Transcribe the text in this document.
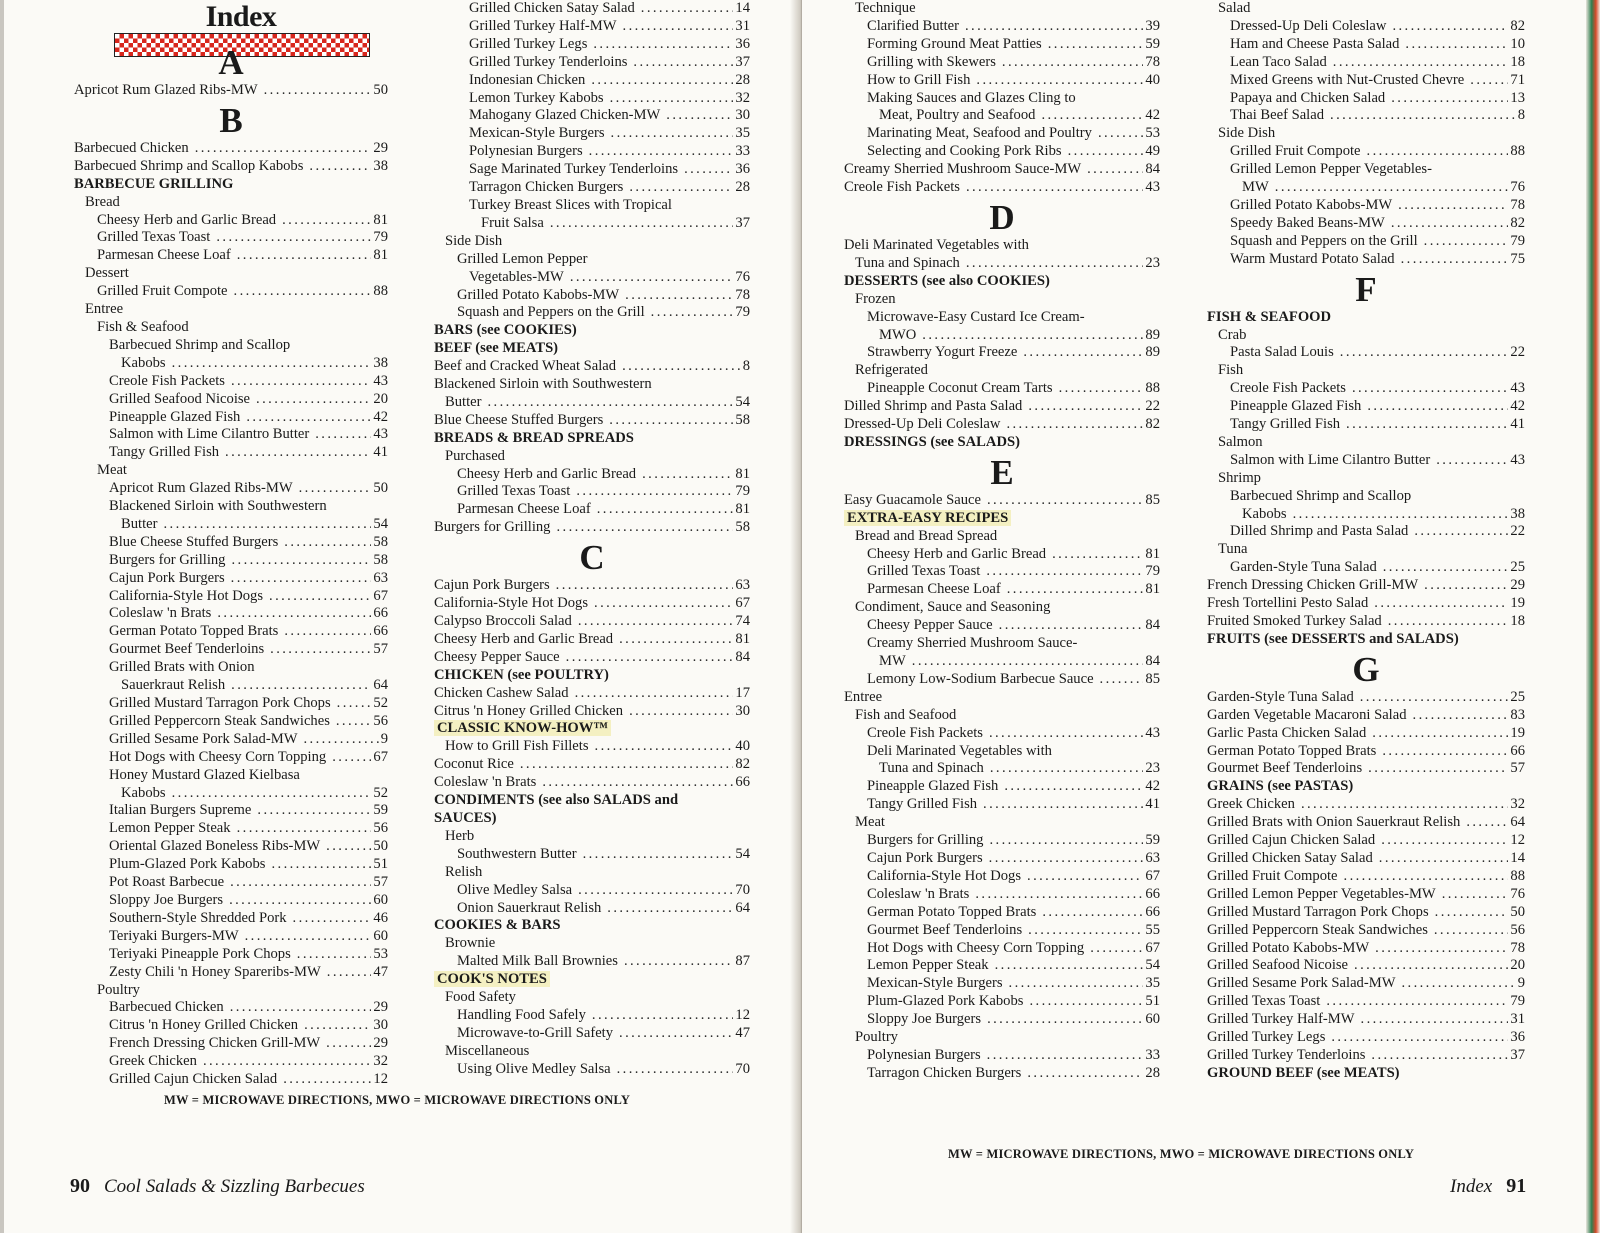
Index
A
Apricot Rum Glazed Ribs-MW .....	50
B
Barbecued Chicken .....	29
Barbecued Shrimp and Scallop Kabobs .....	38
BARBECUE GRILLING
Bread
Cheesy Herb and Garlic Bread .....	81
Grilled Texas Toast .....	79
Parmesan Cheese Loaf .....	81
Dessert
Grilled Fruit Compote .....	88
Entree
Fish & Seafood
Barbecued Shrimp and Scallop
Kabobs .....	38
Creole Fish Packets .....	43
Grilled Seafood Nicoise .....	20
Pineapple Glazed Fish .....	42
Salmon with Lime Cilantro Butter .....	43
Tangy Grilled Fish .....	41
Meat
Apricot Rum Glazed Ribs-MW .....	50
Blackened Sirloin with Southwestern
Butter .....	54
Blue Cheese Stuffed Burgers .....	58
Burgers for Grilling .....	58
Cajun Pork Burgers .....	63
California-Style Hot Dogs .....	67
Coleslaw 'n Brats .....	66
German Potato Topped Brats .....	66
Gourmet Beef Tenderloins .....	57
Grilled Brats with Onion
Sauerkraut Relish .....	64
Grilled Mustard Tarragon Pork Chops .....	52
Grilled Peppercorn Steak Sandwiches .....	56
Grilled Sesame Pork Salad-MW .....	9
Hot Dogs with Cheesy Corn Topping .....	67
Honey Mustard Glazed Kielbasa
Kabobs .....	52
Italian Burgers Supreme .....	59
Lemon Pepper Steak .....	56
Oriental Glazed Boneless Ribs-MW .....	50
Plum-Glazed Pork Kabobs .....	51
Pot Roast Barbecue .....	57
Sloppy Joe Burgers .....	60
Southern-Style Shredded Pork .....	46
Teriyaki Burgers-MW .....	60
Teriyaki Pineapple Pork Chops .....	53
Zesty Chili 'n Honey Spareribs-MW .....	47
Poultry
Barbecued Chicken .....	29
Citrus 'n Honey Grilled Chicken .....	30
French Dressing Chicken Grill-MW .....	29
Greek Chicken .....	32
Grilled Cajun Chicken Salad .....	12
Grilled Chicken Satay Salad .....	14
Grilled Turkey Half-MW .....	31
Grilled Turkey Legs .....	36
Grilled Turkey Tenderloins .....	37
Indonesian Chicken .....	28
Lemon Turkey Kabobs .....	32
Mahogany Glazed Chicken-MW .....	30
Mexican-Style Burgers .....	35
Polynesian Burgers .....	33
Sage Marinated Turkey Tenderloins .....	36
Tarragon Chicken Burgers .....	28
Turkey Breast Slices with Tropical
Fruit Salsa .....	37
Side Dish
Grilled Lemon Pepper
Vegetables-MW .....	76
Grilled Potato Kabobs-MW .....	78
Squash and Peppers on the Grill .....	79
BARS (see COOKIES)
BEEF (see MEATS)
Beef and Cracked Wheat Salad .....	8
Blackened Sirloin with Southwestern
Butter .....	54
Blue Cheese Stuffed Burgers .....	58
BREADS & BREAD SPREADS
Purchased
Cheesy Herb and Garlic Bread .....	81
Grilled Texas Toast .....	79
Parmesan Cheese Loaf .....	81
Burgers for Grilling .....	58
C
Cajun Pork Burgers .....	63
California-Style Hot Dogs .....	67
Calypso Broccoli Salad .....	74
Cheesy Herb and Garlic Bread .....	81
Cheesy Pepper Sauce .....	84
CHICKEN (see POULTRY)
Chicken Cashew Salad .....	17
Citrus 'n Honey Grilled Chicken .....	30
CLASSIC KNOW-HOW™
How to Grill Fish Fillets .....	40
Coconut Rice .....	82
Coleslaw 'n Brats .....	66
CONDIMENTS (see also SALADS and
SAUCES)
Herb
Southwestern Butter .....	54
Relish
Olive Medley Salsa .....	70
Onion Sauerkraut Relish .....	64
COOKIES & BARS
Brownie
Malted Milk Ball Brownies .....	87
COOK'S NOTES
Food Safety
Handling Food Safely .....	12
Microwave-to-Grill Safety .....	47
Miscellaneous
Using Olive Medley Salsa .....	70
MW = MICROWAVE DIRECTIONS, MWO = MICROWAVE DIRECTIONS ONLY
90 Cool Salads & Sizzling Barbecues
Technique
Clarified Butter .....	39
Forming Ground Meat Patties .....	59
Grilling with Skewers .....	78
How to Grill Fish .....	40
Making Sauces and Glazes Cling to
Meat, Poultry and Seafood .....	42
Marinating Meat, Seafood and Poultry .....	53
Selecting and Cooking Pork Ribs .....	49
Creamy Sherried Mushroom Sauce-MW .....	84
Creole Fish Packets .....	43
D
Deli Marinated Vegetables with
Tuna and Spinach .....	23
DESSERTS (see also COOKIES)
Frozen
Microwave-Easy Custard Ice Cream-
MWO .....	89
Strawberry Yogurt Freeze .....	89
Refrigerated
Pineapple Coconut Cream Tarts .....	88
Dilled Shrimp and Pasta Salad .....	22
Dressed-Up Deli Coleslaw .....	82
DRESSINGS (see SALADS)
E
Easy Guacamole Sauce .....	85
EXTRA-EASY RECIPES
Bread and Bread Spread
Cheesy Herb and Garlic Bread .....	81
Grilled Texas Toast .....	79
Parmesan Cheese Loaf .....	81
Condiment, Sauce and Seasoning
Cheesy Pepper Sauce .....	84
Creamy Sherried Mushroom Sauce-
MW .....	84
Lemony Low-Sodium Barbecue Sauce .....	85
Entree
Fish and Seafood
Creole Fish Packets .....	43
Deli Marinated Vegetables with
Tuna and Spinach .....	23
Pineapple Glazed Fish .....	42
Tangy Grilled Fish .....	41
Meat
Burgers for Grilling .....	59
Cajun Pork Burgers .....	63
California-Style Hot Dogs .....	67
Coleslaw 'n Brats .....	66
German Potato Topped Brats .....	66
Gourmet Beef Tenderloins .....	55
Hot Dogs with Cheesy Corn Topping .....	67
Lemon Pepper Steak .....	54
Mexican-Style Burgers .....	35
Plum-Glazed Pork Kabobs .....	51
Sloppy Joe Burgers .....	60
Poultry
Polynesian Burgers .....	33
Tarragon Chicken Burgers .....	28
Salad
Dressed-Up Deli Coleslaw .....	82
Ham and Cheese Pasta Salad .....	10
Lean Taco Salad .....	18
Mixed Greens with Nut-Crusted Chevre .....	71
Papaya and Chicken Salad .....	13
Thai Beef Salad .....	8
Side Dish
Grilled Fruit Compote .....	88
Grilled Lemon Pepper Vegetables-
MW .....	76
Grilled Potato Kabobs-MW .....	78
Speedy Baked Beans-MW .....	82
Squash and Peppers on the Grill .....	79
Warm Mustard Potato Salad .....	75
F
FISH & SEAFOOD
Crab
Pasta Salad Louis .....	22
Fish
Creole Fish Packets .....	43
Pineapple Glazed Fish .....	42
Tangy Grilled Fish .....	41
Salmon
Salmon with Lime Cilantro Butter .....	43
Shrimp
Barbecued Shrimp and Scallop
Kabobs .....	38
Dilled Shrimp and Pasta Salad .....	22
Tuna
Garden-Style Tuna Salad .....	25
French Dressing Chicken Grill-MW .....	29
Fresh Tortellini Pesto Salad .....	19
Fruited Smoked Turkey Salad .....	18
FRUITS (see DESSERTS and SALADS)
G
Garden-Style Tuna Salad .....	25
Garden Vegetable Macaroni Salad .....	83
Garlic Pasta Chicken Salad .....	19
German Potato Topped Brats .....	66
Gourmet Beef Tenderloins .....	57
GRAINS (see PASTAS)
Greek Chicken .....	32
Grilled Brats with Onion Sauerkraut Relish .....	64
Grilled Cajun Chicken Salad .....	12
Grilled Chicken Satay Salad .....	14
Grilled Fruit Compote .....	88
Grilled Lemon Pepper Vegetables-MW .....	76
Grilled Mustard Tarragon Pork Chops .....	50
Grilled Peppercorn Steak Sandwiches .....	56
Grilled Potato Kabobs-MW .....	78
Grilled Seafood Nicoise .....	20
Grilled Sesame Pork Salad-MW .....	9
Grilled Texas Toast .....	79
Grilled Turkey Half-MW .....	31
Grilled Turkey Legs .....	36
Grilled Turkey Tenderloins .....	37
GROUND BEEF (see MEATS)
MW = MICROWAVE DIRECTIONS, MWO = MICROWAVE DIRECTIONS ONLY
Index 91
